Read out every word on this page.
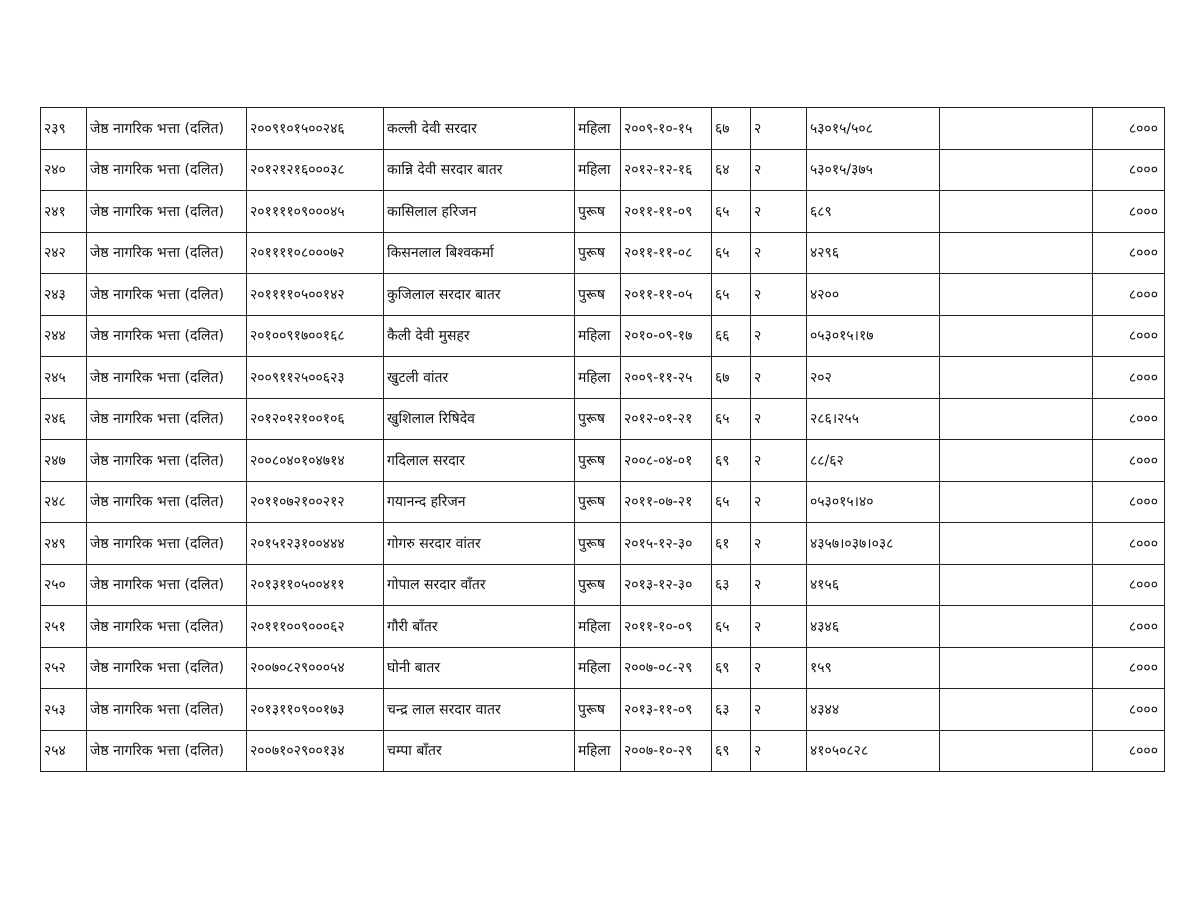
२३९	जेष्ठ नागरिक भत्ता (दलित)	२००९१०१५००२४६	कल्ली देवी सरदार	महिला	२००९-१०-१५	६७	२	५३०१५/५०८		८०००
२४०	जेष्ठ नागरिक भत्ता (दलित)	२०१२१२१६०००३८	कान्नि देवी सरदार बातर	महिला	२०१२-१२-१६	६४	२	५३०१५/३७५		८०००
२४१	जेष्ठ नागरिक भत्ता (दलित)	२०११११०९०००४५	कासिलाल हरिजन	पुरूष	२०११-११-०९	६५	२	६८९		८०००
२४२	जेष्ठ नागरिक भत्ता (दलित)	२०११११०८०००७२	किसनलाल बिश्वकर्मा	पुरूष	२०११-११-०८	६५	२	४२९६		८०००
२४३	जेष्ठ नागरिक भत्ता (दलित)	२०११११०५००१४२	कुजिलाल सरदार बातर	पुरूष	२०११-११-०५	६५	२	४२००		८०००
२४४	जेष्ठ नागरिक भत्ता (दलित)	२०१००९१७००१६८	कैली देवी मुसहर	महिला	२०१०-०९-१७	६६	२	०५३०१५।१७		८०००
२४५	जेष्ठ नागरिक भत्ता (दलित)	२००९११२५००६२३	खुटली वांतर	महिला	२००९-११-२५	६७	२	२०२		८०००
२४६	जेष्ठ नागरिक भत्ता (दलित)	२०१२०१२१००१०६	खुशिलाल रिषिदेव	पुरूष	२०१२-०१-२१	६५	२	२८६।२५५		८०००
२४७	जेष्ठ नागरिक भत्ता (दलित)	२००८०४०१०४७१४	गदिलाल सरदार	पुरूष	२००८-०४-०१	६९	२	८८/६२		८०००
२४८	जेष्ठ नागरिक भत्ता (दलित)	२०११०७२१००२१२	गयानन्द हरिजन	पुरूष	२०११-०७-२१	६५	२	०५३०१५।४०		८०००
२४९	जेष्ठ नागरिक भत्ता (दलित)	२०१५१२३१००४४४	गोगरु सरदार वांतर	पुरूष	२०१५-१२-३०	६१	२	४३५७।०३७।०३८		८०००
२५०	जेष्ठ नागरिक भत्ता (दलित)	२०१३११०५००४११	गोपाल सरदार वाँतर	पुरूष	२०१३-१२-३०	६३	२	४१५६		८०००
२५१	जेष्ठ नागरिक भत्ता (दलित)	२०१११००९०००६२	गौरी बाँतर	महिला	२०११-१०-०९	६५	२	४३४६		८०००
२५२	जेष्ठ नागरिक भत्ता (दलित)	२००७०८२९०००५४	घोनी बातर	महिला	२००७-०८-२९	६९	२	१५९		८०००
२५३	जेष्ठ नागरिक भत्ता (दलित)	२०१३११०९००१७३	चन्द्र लाल सरदार वातर	पुरूष	२०१३-११-०९	६३	२	४३४४		८०००
२५४	जेष्ठ नागरिक भत्ता (दलित)	२००७१०२९००१३४	चम्पा बाँतर	महिला	२००७-१०-२९	६९	२	४१०५०८२८		८०००
